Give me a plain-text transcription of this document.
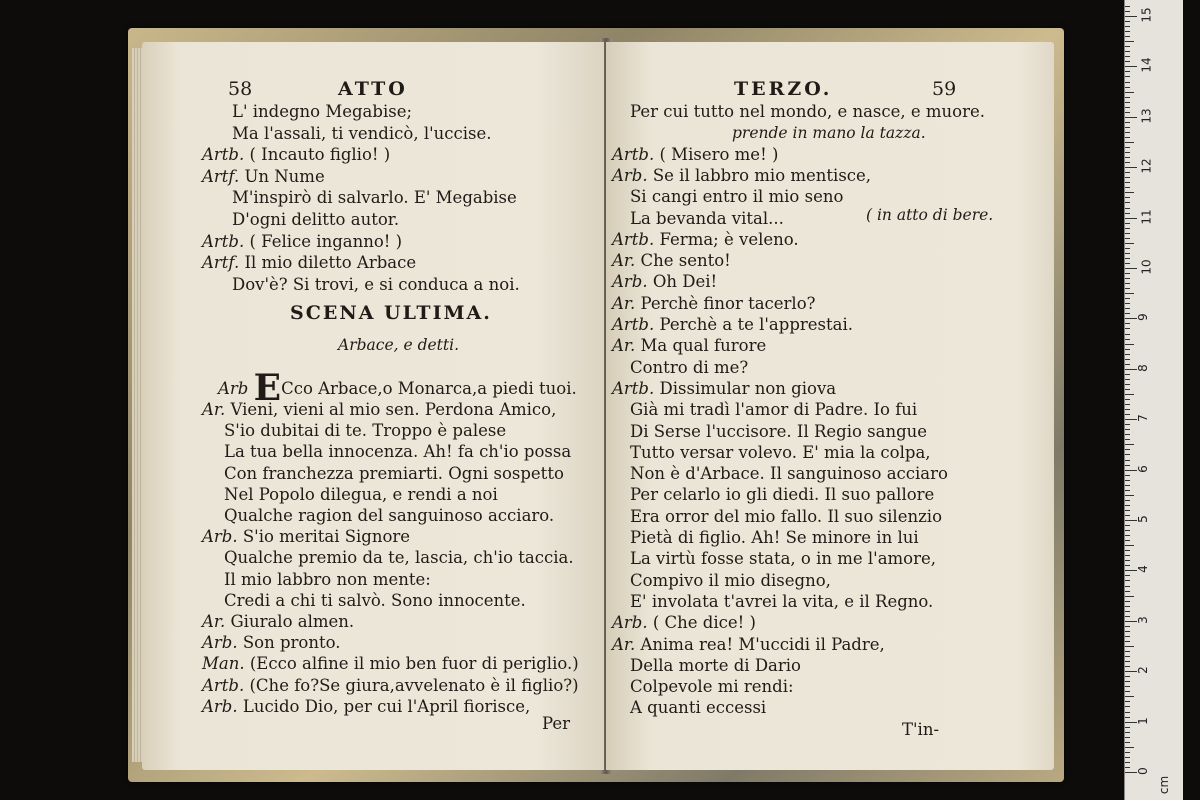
58	ATTO
L' indegno Megabise;
Ma l'assali, ti vendicò, l'uccise.
Artb. ( Incauto figlio! )
Artf. Un Nume
M'inspirò di salvarlo. E' Megabise
D'ogni delitto autor.
Artb. ( Felice inganno! )
Artf. Il mio diletto Arbace
Dov'è? Si trovi, e si conduca a noi.
SCENA ULTIMA.
Arbace, e detti.
Arb ECco Arbace,o Monarca,a piedi tuoi.
Ar. Vieni, vieni al mio sen. Perdona Amico,
S'io dubitai di te. Troppo è palese
La tua bella innocenza. Ah! fa ch'io possa
Con franchezza premiarti. Ogni sospetto
Nel Popolo dilegua, e rendi a noi
Qualche ragion del sanguinoso acciaro.
Arb. S'io meritai Signore
Qualche premio da te, lascia, ch'io taccia.
Il mio labbro non mente:
Credi a chi ti salvò. Sono innocente.
Ar. Giuralo almen.
Arb. Son pronto.
Man. (Ecco alfine il mio ben fuor di periglio.)
Artb. (Che fo?Se giura,avvelenato è il figlio?)
Arb. Lucido Dio, per cui l'April fiorisce,
Per
TERZO.	59
Per cui tutto nel mondo, e nasce, e muore.
prende in mano la tazza.
Artb. ( Misero me! )
Arb. Se il labbro mio mentisce,
Si cangi entro il mio seno
La bevanda vital...
Artb. Ferma; è veleno.
Ar. Che sento!
Arb. Oh Dei!
Ar. Perchè finor tacerlo?
Artb. Perchè a te l'apprestai.
Ar. Ma qual furore
Contro di me?
Artb. Dissimular non giova
Già mi tradì l'amor di Padre. Io fui
Di Serse l'uccisore. Il Regio sangue
Tutto versar volevo. E' mia la colpa,
Non è d'Arbace. Il sanguinoso acciaro
Per celarlo io gli diedi. Il suo pallore
Era orror del mio fallo. Il suo silenzio
Pietà di figlio. Ah! Se minore in lui
La virtù fosse stata, o in me l'amore,
Compivo il mio disegno,
E' involata t'avrei la vita, e il Regno.
Arb. ( Che dice! )
Ar. Anima rea! M'uccidi il Padre,
Della morte di Dario
Colpevole mi rendi:
A quanti eccessi
( in atto di bere.
T'in-
0
1
2
3
4
5
6
7
8
9
10
11
12
13
14
15
cm
